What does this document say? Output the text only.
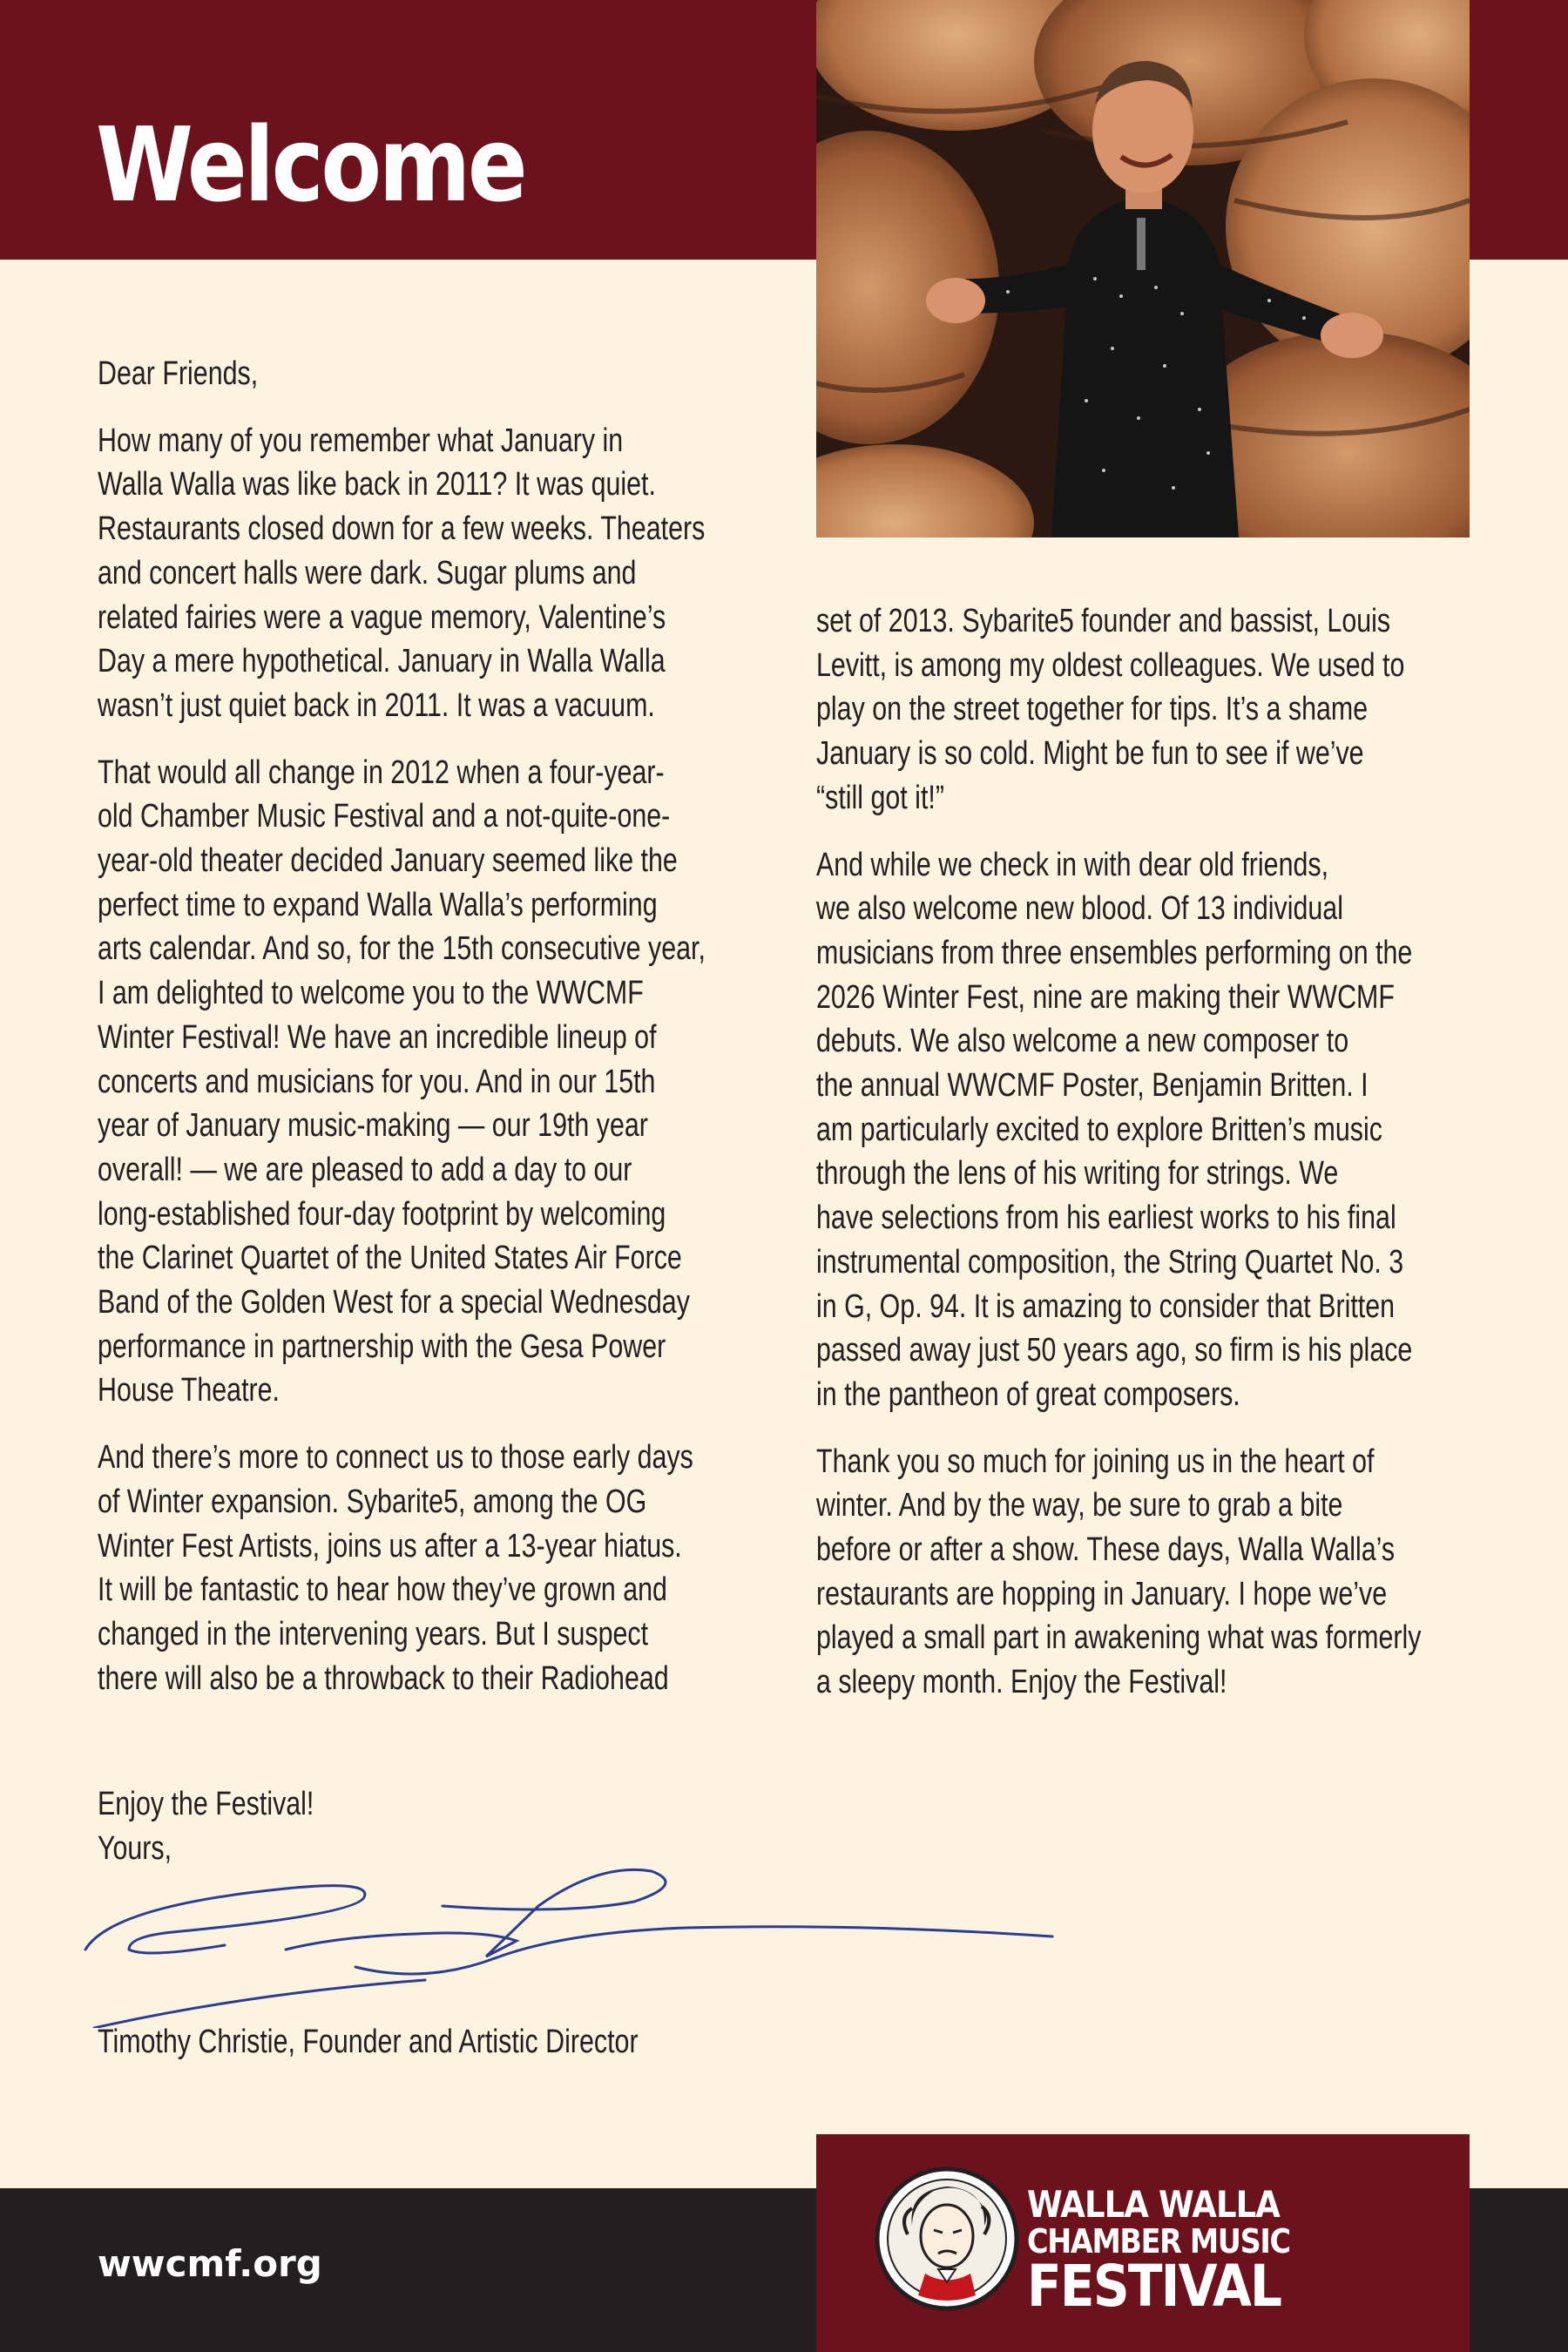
Welcome

Dear Friends,

How many of you remember what January in
Walla Walla was like back in 2011? It was quiet.
Restaurants closed down for a few weeks. Theaters
and concert halls were dark. Sugar plums and
related fairies were a vague memory, Valentine’s
Day a mere hypothetical. January in Walla Walla
wasn’t just quiet back in 2011. It was a vacuum.

That would all change in 2012 when a four-year-
old Chamber Music Festival and a not-quite-one-
year-old theater decided January seemed like the
perfect time to expand Walla Walla’s performing
arts calendar. And so, for the 15th consecutive year,
I am delighted to welcome you to the WWCMF
Winter Festival! We have an incredible lineup of
concerts and musicians for you. And in our 15th
year of January music-making — our 19th year
overall! — we are pleased to add a day to our
long-established four-day footprint by welcoming
the Clarinet Quartet of the United States Air Force
Band of the Golden West for a special Wednesday
performance in partnership with the Gesa Power
House Theatre.

And there’s more to connect us to those early days
of Winter expansion. Sybarite5, among the OG
Winter Fest Artists, joins us after a 13-year hiatus.
It will be fantastic to hear how they’ve grown and
changed in the intervening years. But I suspect
there will also be a throwback to their Radiohead

Enjoy the Festival!
Yours,

Timothy Christie, Founder and Artistic Director

set of 2013. Sybarite5 founder and bassist, Louis
Levitt, is among my oldest colleagues. We used to
play on the street together for tips. It’s a shame
January is so cold. Might be fun to see if we’ve
“still got it!”

And while we check in with dear old friends,
we also welcome new blood. Of 13 individual
musicians from three ensembles performing on the
2026 Winter Fest, nine are making their WWCMF
debuts. We also welcome a new composer to
the annual WWCMF Poster, Benjamin Britten. I
am particularly excited to explore Britten’s music
through the lens of his writing for strings. We
have selections from his earliest works to his final
instrumental composition, the String Quartet No. 3
in G, Op. 94. It is amazing to consider that Britten
passed away just 50 years ago, so firm is his place
in the pantheon of great composers.

Thank you so much for joining us in the heart of
winter. And by the way, be sure to grab a bite
before or after a show. These days, Walla Walla’s
restaurants are hopping in January. I hope we’ve
played a small part in awakening what was formerly
a sleepy month. Enjoy the Festival!

wwcmf.org

WALLA WALLA
CHAMBER MUSIC
FESTIVAL
